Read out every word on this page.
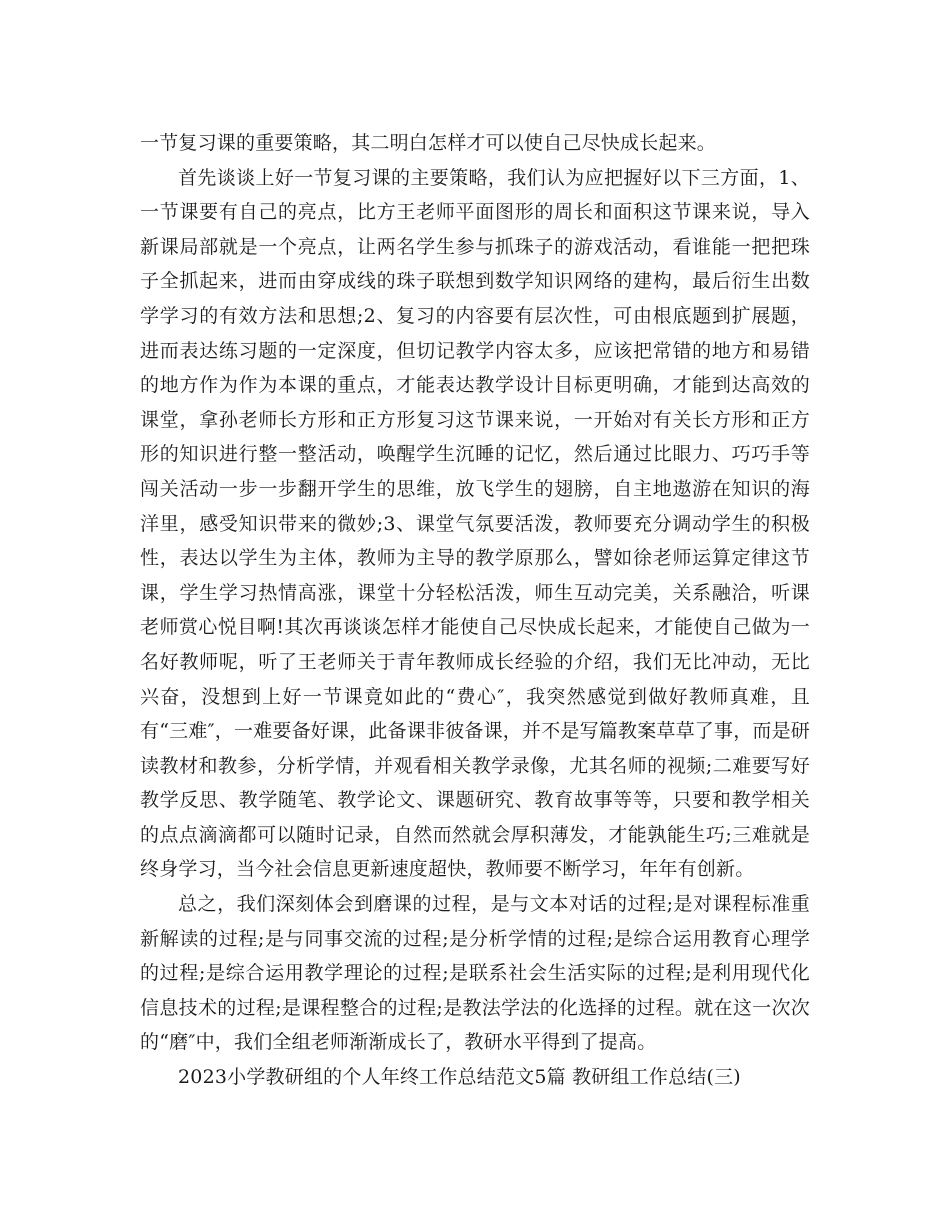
一节复习课的重要策略，其二明白怎样才可以使自己尽快成长起来。

首先谈谈上好一节复习课的主要策略，我们认为应把握好以下三方面，1、一节课要有自己的亮点，比方王老师平面图形的周长和面积这节课来说，导入新课局部就是一个亮点，让两名学生参与抓珠子的游戏活动，看谁能一把把珠子全抓起来，进而由穿成线的珠子联想到数学知识网络的建构，最后衍生出数学学习的有效方法和思想;2、复习的内容要有层次性，可由根底题到扩展题，进而表达练习题的一定深度，但切记教学内容太多，应该把常错的地方和易错的地方作为作为本课的重点，才能表达教学设计目标更明确，才能到达高效的课堂，拿孙老师长方形和正方形复习这节课来说，一开始对有关长方形和正方形的知识进行整一整活动，唤醒学生沉睡的记忆，然后通过比眼力、巧巧手等闯关活动一步一步翻开学生的思维，放飞学生的翅膀，自主地遨游在知识的海洋里，感受知识带来的微妙;3、课堂气氛要活泼，教师要充分调动学生的积极性，表达以学生为主体，教师为主导的教学原那么，譬如徐老师运算定律这节课，学生学习热情高涨，课堂十分轻松活泼，师生互动完美，关系融洽，听课老师赏心悦目啊!其次再谈谈怎样才能使自己尽快成长起来，才能使自己做为一名好教师呢，听了王老师关于青年教师成长经验的介绍，我们无比冲动，无比兴奋，没想到上好一节课竟如此的“费心″，我突然感觉到做好教师真难，且有“三难″，一难要备好课，此备课非彼备课，并不是写篇教案草草了事，而是研读教材和教参，分析学情，并观看相关教学录像，尤其名师的视频;二难要写好教学反思、教学随笔、教学论文、课题研究、教育故事等等，只要和教学相关的点点滴滴都可以随时记录，自然而然就会厚积薄发，才能孰能生巧;三难就是终身学习，当今社会信息更新速度超快，教师要不断学习，年年有创新。

总之，我们深刻体会到磨课的过程，是与文本对话的过程;是对课程标准重新解读的过程;是与同事交流的过程;是分析学情的过程;是综合运用教育心理学的过程;是综合运用教学理论的过程;是联系社会生活实际的过程;是利用现代化信息技术的过程;是课程整合的过程;是教法学法的化选择的过程。就在这一次次的“磨″中，我们全组老师渐渐成长了，教研水平得到了提高。

2023小学教研组的个人年终工作总结范文5篇 教研组工作总结(三)
